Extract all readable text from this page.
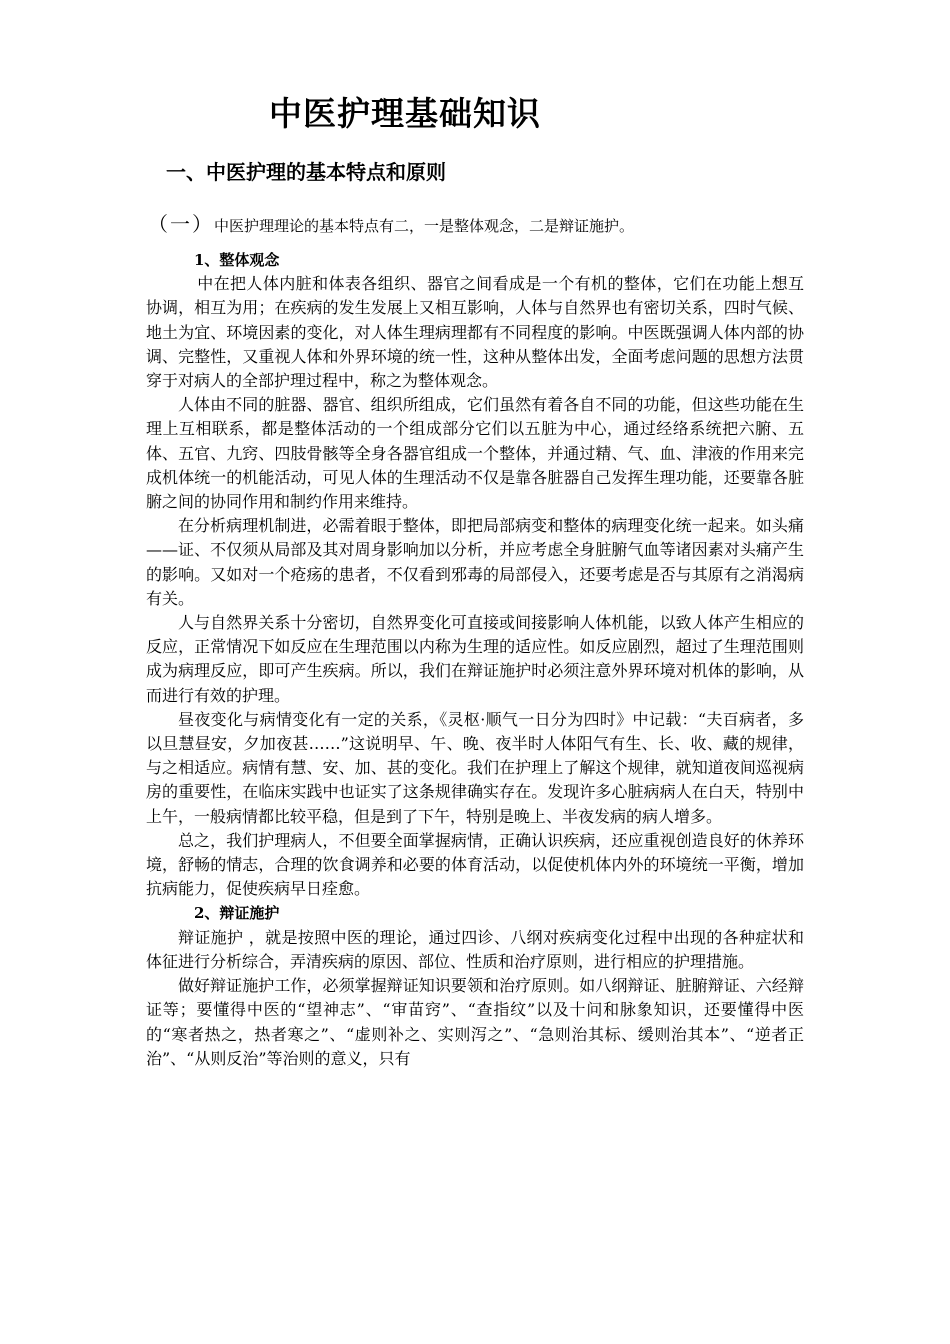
中医护理基础知识
一、中医护理的基本特点和原则
（一）中医护理理论的基本特点有二，一是整体观念，二是辩证施护。
1、整体观念

中在把人体内脏和体表各组织、器官之间看成是一个有机的整体，它们在功能上想互协调，相互为用；在疾病的发生发展上又相互影响，人体与自然界也有密切关系，四时气候、地土为宜、环境因素的变化，对人体生理病理都有不同程度的影响。中医既强调人体内部的协调、完整性，又重视人体和外界环境的统一性，这种从整体出发，全面考虑问题的思想方法贯穿于对病人的全部护理过程中，称之为整体观念。

人体由不同的脏器、器官、组织所组成，它们虽然有着各自不同的功能，但这些功能在生理上互相联系，都是整体活动的一个组成部分它们以五脏为中心，通过经络系统把六腑、五体、五官、九窍、四肢骨骸等全身各器官组成一个整体，并通过精、气、血、津液的作用来完成机体统一的机能活动，可见人体的生理活动不仅是靠各脏器自己发挥生理功能，还要靠各脏腑之间的协同作用和制约作用来维持。

在分析病理机制进，必需着眼于整体，即把局部病变和整体的病理变化统一起来。如头痛——证、不仅须从局部及其对周身影响加以分析，并应考虑全身脏腑气血等诸因素对头痛产生的影响。又如对一个疮疡的患者，不仅看到邪毒的局部侵入，还要考虑是否与其原有之消渴病有关。

人与自然界关系十分密切，自然界变化可直接或间接影响人体机能，以致人体产生相应的反应，正常情况下如反应在生理范围以内称为生理的适应性。如反应剧烈，超过了生理范围则成为病理反应，即可产生疾病。所以，我们在辩证施护时必须注意外界环境对机体的影响，从而进行有效的护理。

昼夜变化与病情变化有一定的关系，《灵枢·顺气一日分为四时》中记载：“夫百病者，多以旦慧昼安，夕加夜甚……”这说明早、午、晚、夜半时人体阳气有生、长、收、藏的规律，与之相适应。病情有慧、安、加、甚的变化。我们在护理上了解这个规律，就知道夜间巡视病房的重要性，在临床实践中也证实了这条规律确实存在。发现许多心脏病病人在白天，特别中上午，一般病情都比较平稳，但是到了下午，特别是晚上、半夜发病的病人增多。

总之，我们护理病人，不但要全面掌握病情，正确认识疾病，还应重视创造良好的休养环境，舒畅的情志，合理的饮食调养和必要的体育活动，以促使机体内外的环境统一平衡，增加抗病能力，促使疾病早日痊愈。

2、辩证施护

辩证施护 ，就是按照中医的理论，通过四诊、八纲对疾病变化过程中出现的各种症状和体征进行分析综合，弄清疾病的原因、部位、性质和治疗原则，进行相应的护理措施。

做好辩证施护工作，必须掌握辩证知识要领和治疗原则。如八纲辩证、脏腑辩证、六经辩证等；要懂得中医的“望神志”、“审苗窍”、“查指纹”以及十问和脉象知识，还要懂得中医的“寒者热之，热者寒之”、“虚则补之、实则泻之”、“急则治其标、缓则治其本”、“逆者正治”、“从则反治”等治则的意义，只有
